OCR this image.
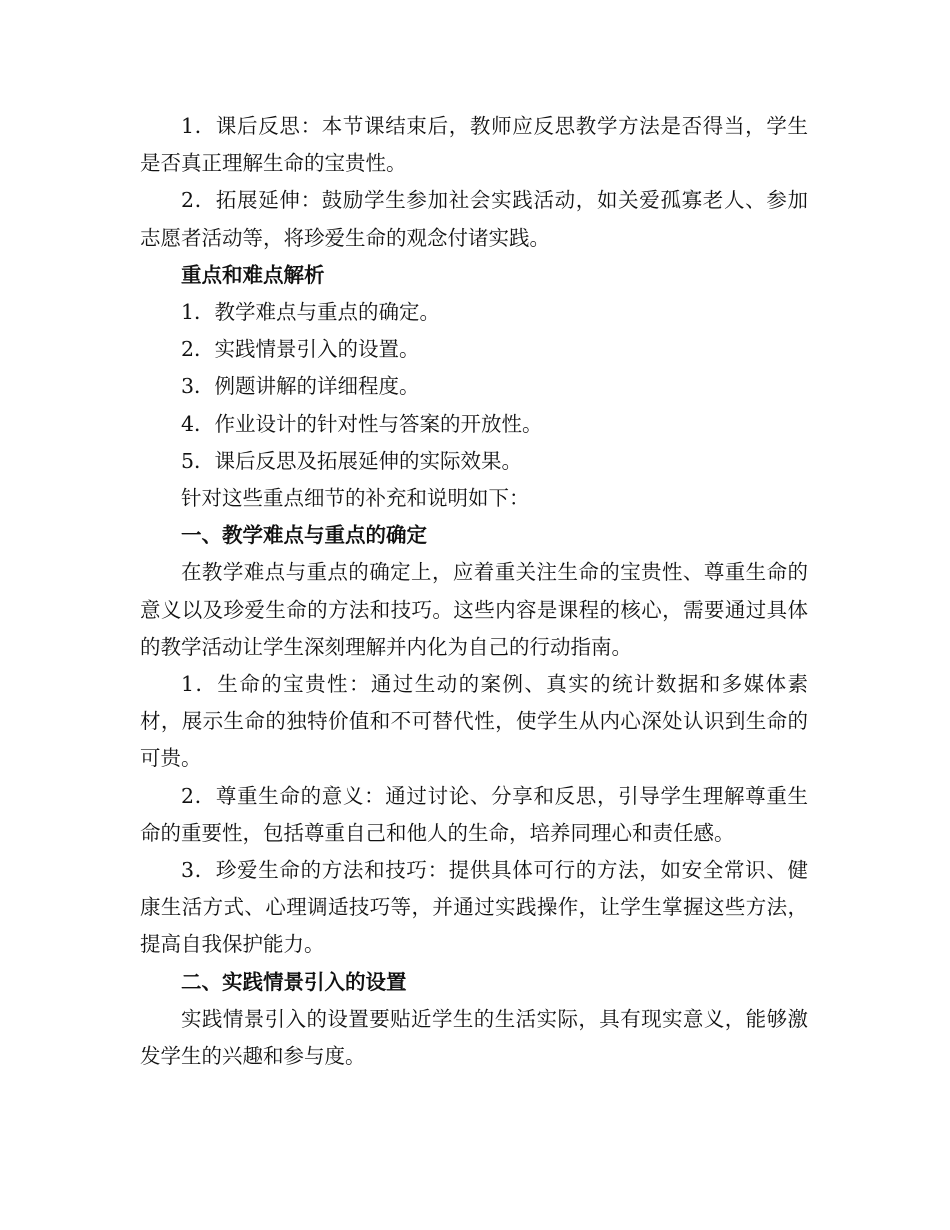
1．课后反思：本节课结束后，教师应反思教学方法是否得当，学生是否真正理解生命的宝贵性。

2．拓展延伸：鼓励学生参加社会实践活动，如关爱孤寡老人、参加志愿者活动等，将珍爱生命的观念付诸实践。

重点和难点解析

1．教学难点与重点的确定。

2．实践情景引入的设置。

3．例题讲解的详细程度。

4．作业设计的针对性与答案的开放性。

5．课后反思及拓展延伸的实际效果。

针对这些重点细节的补充和说明如下：

一、教学难点与重点的确定

在教学难点与重点的确定上，应着重关注生命的宝贵性、尊重生命的意义以及珍爱生命的方法和技巧。这些内容是课程的核心，需要通过具体的教学活动让学生深刻理解并内化为自己的行动指南。

1．生命的宝贵性：通过生动的案例、真实的统计数据和多媒体素材，展示生命的独特价值和不可替代性，使学生从内心深处认识到生命的可贵。

2．尊重生命的意义：通过讨论、分享和反思，引导学生理解尊重生命的重要性，包括尊重自己和他人的生命，培养同理心和责任感。

3．珍爱生命的方法和技巧：提供具体可行的方法，如安全常识、健康生活方式、心理调适技巧等，并通过实践操作，让学生掌握这些方法，提高自我保护能力。

二、实践情景引入的设置

实践情景引入的设置要贴近学生的生活实际，具有现实意义，能够激发学生的兴趣和参与度。
